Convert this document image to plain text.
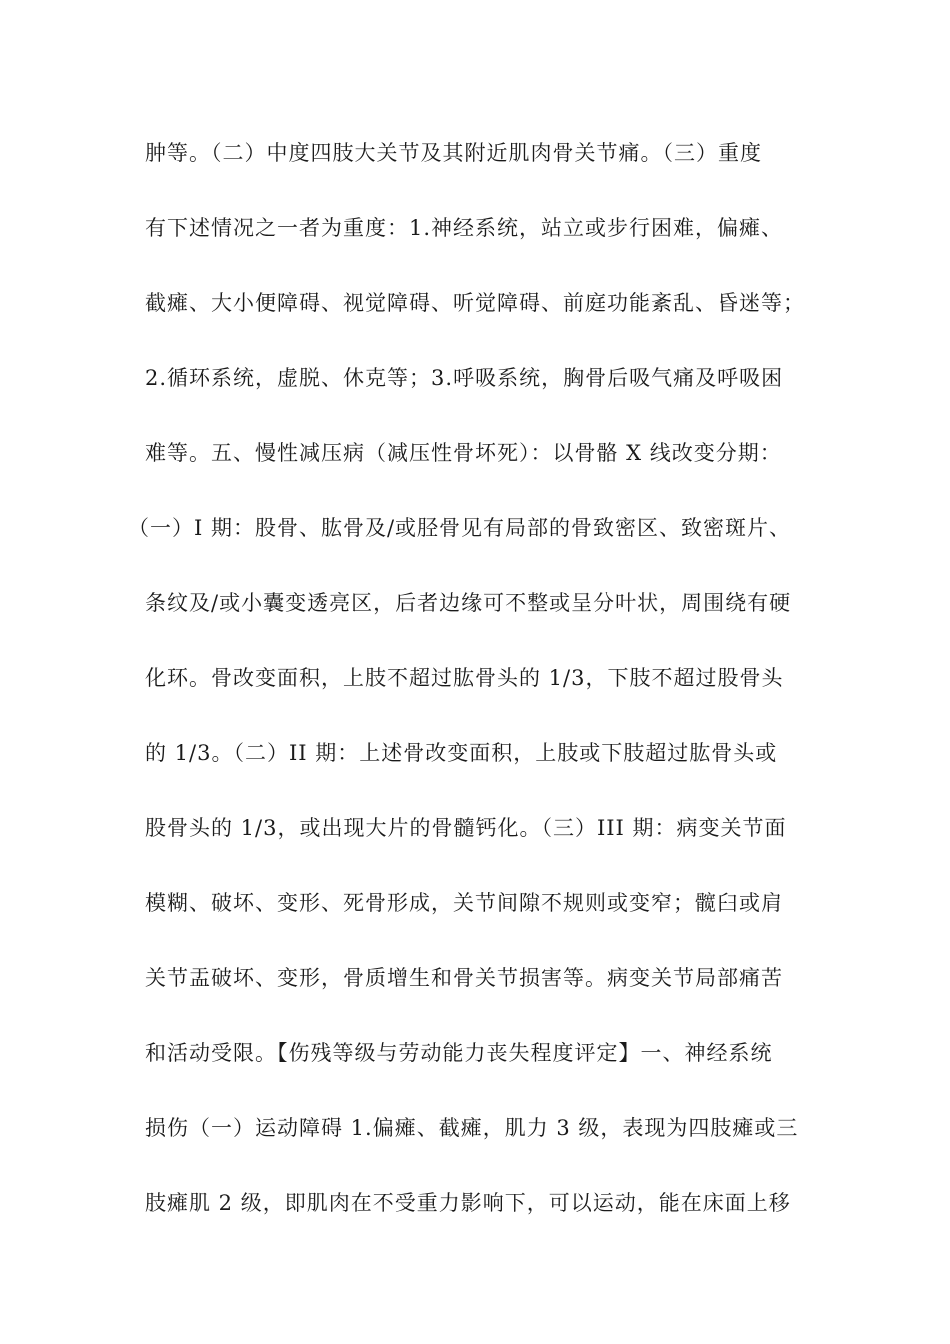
肿等。（二）中度四肢大关节及其附近肌肉骨关节痛。（三）重度
有下述情况之一者为重度：1.神经系统，站立或步行困难，偏瘫、
截瘫、大小便障碍、视觉障碍、听觉障碍、前庭功能紊乱、昏迷等；
2.循环系统，虚脱、休克等；3.呼吸系统，胸骨后吸气痛及呼吸困
难等。五、慢性减压病（减压性骨坏死）：以骨骼 X 线改变分期：
（一）I 期：股骨、肱骨及/或胫骨见有局部的骨致密区、致密斑片、
条纹及/或小囊变透亮区，后者边缘可不整或呈分叶状，周围绕有硬
化环。骨改变面积，上肢不超过肱骨头的 1/3，下肢不超过股骨头
的 1/3。（二）II 期：上述骨改变面积，上肢或下肢超过肱骨头或
股骨头的 1/3，或出现大片的骨髓钙化。（三）III 期：病变关节面
模糊、破坏、变形、死骨形成，关节间隙不规则或变窄；髋臼或肩
关节盂破坏、变形，骨质增生和骨关节损害等。病变关节局部痛苦
和活动受限。【伤残等级与劳动能力丧失程度评定】一、神经系统
损伤（一）运动障碍 1.偏瘫、截瘫，肌力 3 级，表现为四肢瘫或三
肢瘫肌 2 级，即肌肉在不受重力影响下，可以运动，能在床面上移
